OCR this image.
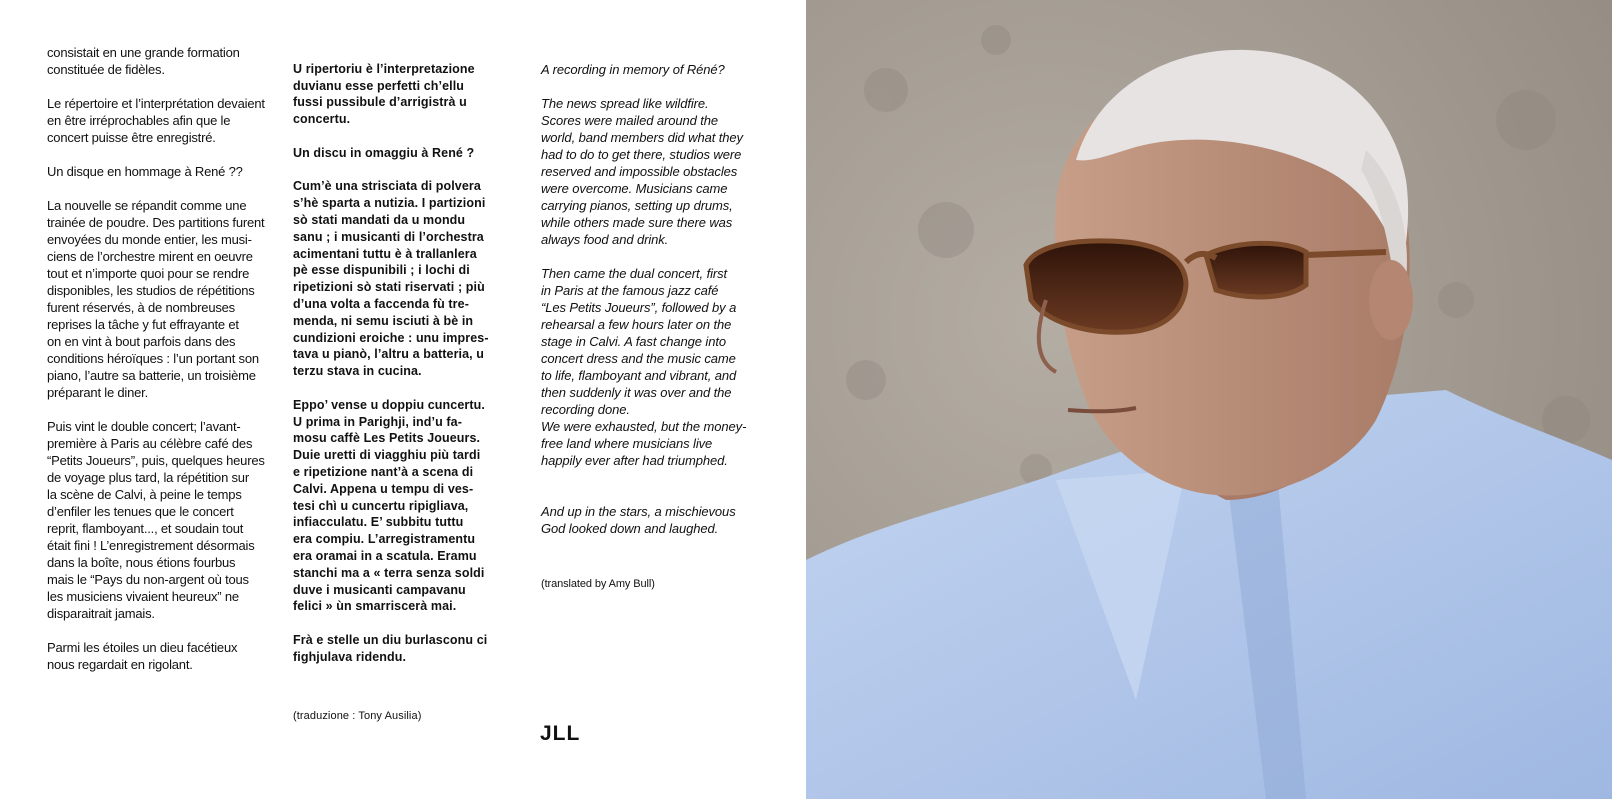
consistait en une grande formation
constituée de fidèles.

Le répertoire et l’interprétation devaient
en être irréprochables afin que le
concert puisse être enregistré.

Un disque en hommage à René ??

La nouvelle se répandit comme une
trainée de poudre. Des partitions furent
envoyées du monde entier, les musi-
ciens de l’orchestre mirent en oeuvre
tout et n’importe quoi pour se rendre
disponibles, les studios de répétitions
furent réservés, à de nombreuses
reprises la tâche y fut effrayante et
on en vint à bout parfois dans des
conditions héroïques : l’un portant son
piano, l’autre sa batterie, un troisième
préparant le diner.

Puis vint le double concert; l’avant-
première à Paris au célèbre café des
“Petits Joueurs”, puis, quelques heures
de voyage plus tard, la répétition sur
la scène de Calvi, à peine le temps
d’enfiler les tenues que le concert
reprit, flamboyant..., et soudain tout
était fini ! L’enregistrement désormais
dans la boîte, nous étions fourbus
mais le “Pays du non-argent où tous
les musiciens vivaient heureux” ne
disparaitrait jamais.

Parmi les étoiles un dieu facétieux
nous regardait en rigolant.

U ripertoriu è l’interpretazione
duvianu esse perfetti ch’ellu
fussi pussibule d’arrigistrà u
concertu.

Un discu in omaggiu à René ?

Cum’è una strisciata di polvera
s’hè sparta a nutizia. I partizioni
sò stati mandati da u mondu
sanu ; i musicanti di l’orchestra
acimentani tuttu è à trallanlera
pè esse dispunibili ; i lochi di
ripetizioni sò stati riservati ; più
d’una volta a faccenda fù tre-
menda, ni semu isciuti à bè in
cundizioni eroiche : unu impres-
tava u pianò, l’altru a batteria, u
terzu stava in cucina.

Eppo’ vense u doppiu cuncertu.
U prima in Parighji, ind’u fa-
mosu caffè Les Petits Joueurs.
Duie uretti di viagghiu più tardi
e ripetizione nant’à a scena di
Calvi. Appena u tempu di ves-
tesi chì u cuncertu ripigliava,
infiacculatu. E’ subbitu tuttu
era compiu. L’arregistramentu
era oramai in a scatula. Eramu
stanchi ma a « terra senza soldi
duve i musicanti campavanu
felici » ùn smarriscerà mai.

Frà e stelle un diu burlasconu ci
fighjulava ridendu.

(traduzione : Tony Ausilia)

A recording in memory of Réné?

The news spread like wildfire.
Scores were mailed around the
world, band members did what they
had to do to get there, studios were
reserved and impossible obstacles
were overcome. Musicians came
carrying pianos, setting up drums,
while others made sure there was
always food and drink.

Then came the dual concert, first
in Paris at the famous jazz café
“Les Petits Joueurs”, followed by a
rehearsal a few hours later on the
stage in Calvi. A fast change into
concert dress and the music came
to life, flamboyant and vibrant, and
then suddenly it was over and the
recording done.
We were exhausted, but the money-
free land where musicians live
happily ever after had triumphed.

And up in the stars, a mischievous
God looked down and laughed.

(translated by Amy Bull)

JLL
